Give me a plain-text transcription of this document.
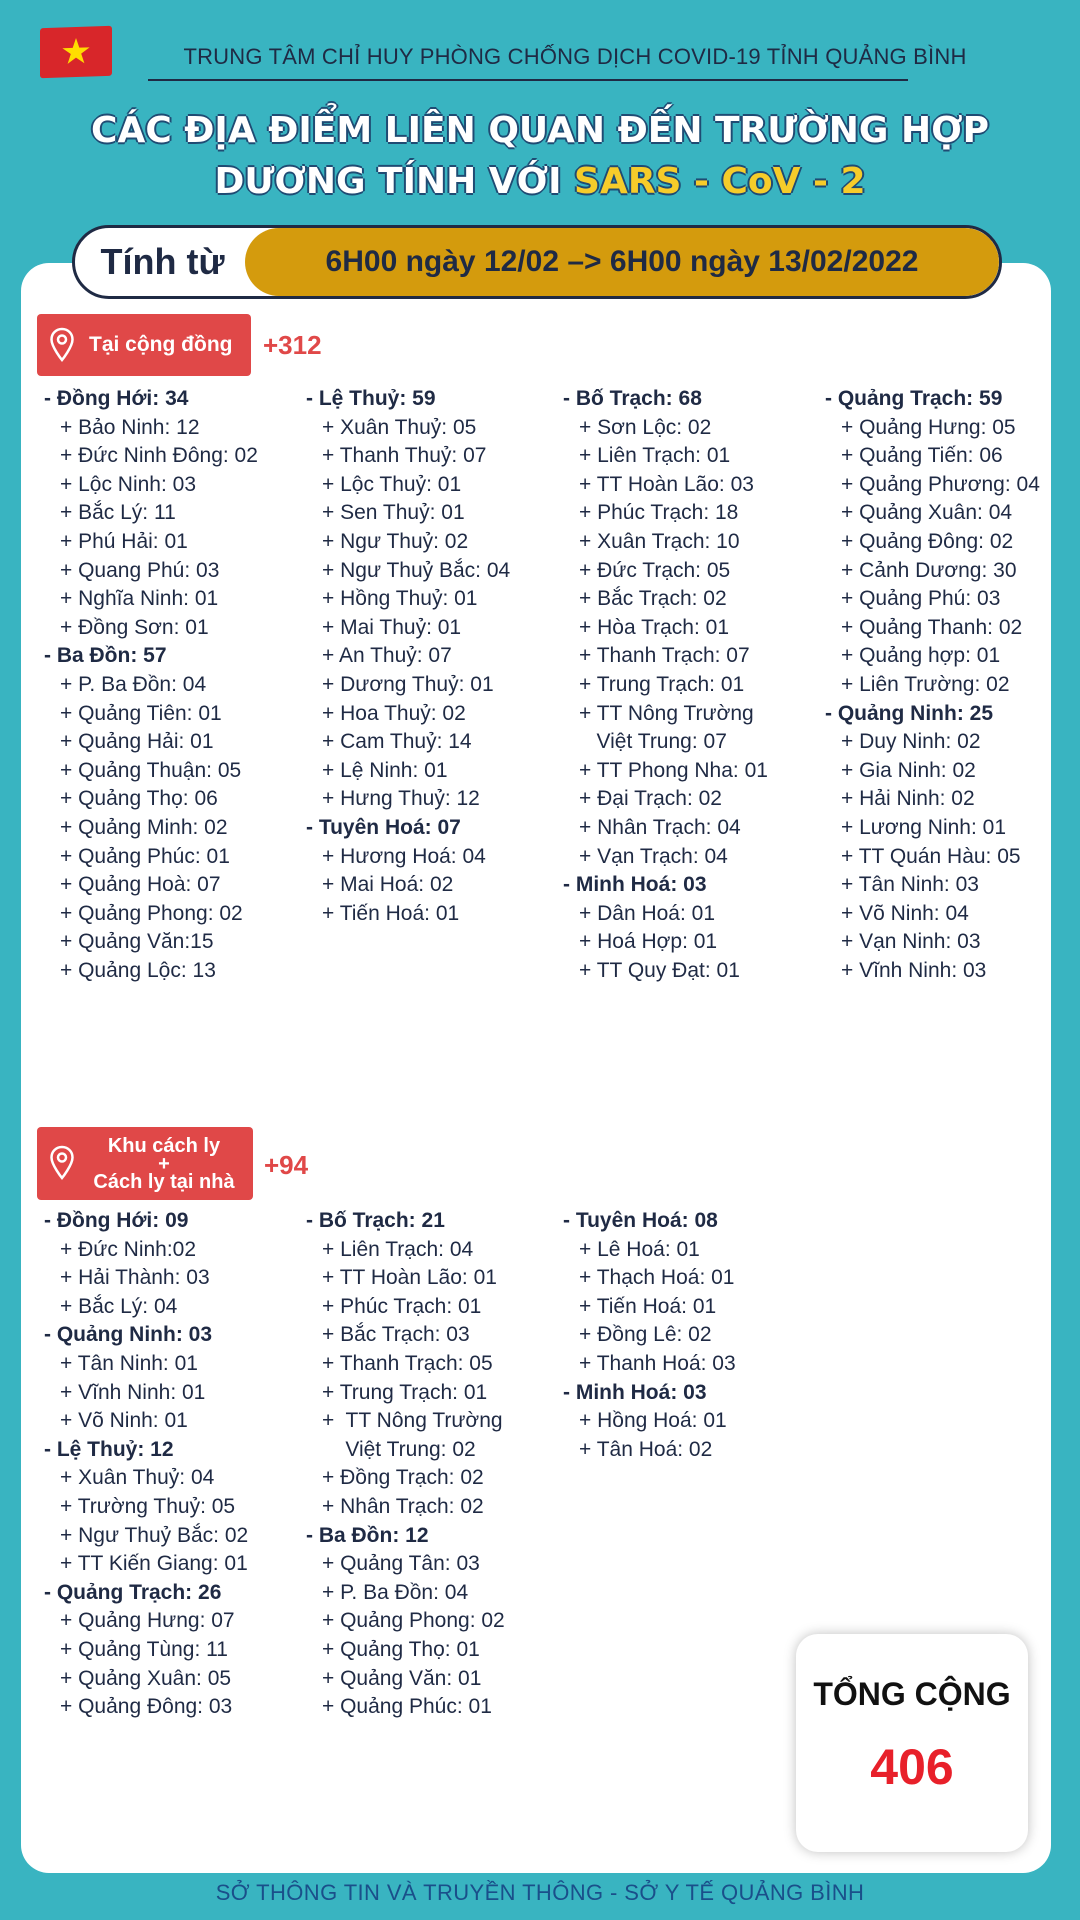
TRUNG TÂM CHỈ HUY PHÒNG CHỐNG DỊCH COVID-19 TỈNH QUẢNG BÌNH
CÁC ĐỊA ĐIỂM LIÊN QUAN ĐẾN TRƯỜNG HỢP
DƯƠNG TÍNH VỚI SARS - CoV - 2
Tính từ	6H00 ngày 12/02 –> 6H00 ngày 13/02/2022
Tại cộng đồng +312
- Đồng Hới: 34
+ Bảo Ninh: 12
+ Đức Ninh Đông: 02
+ Lộc Ninh: 03
+ Bắc Lý: 11
+ Phú Hải: 01
+ Quang Phú: 03
+ Nghĩa Ninh: 01
+ Đồng Sơn: 01
- Ba Đồn: 57
+ P. Ba Đồn: 04
+ Quảng Tiên: 01
+ Quảng Hải: 01
+ Quảng Thuận: 05
+ Quảng Thọ: 06
+ Quảng Minh: 02
+ Quảng Phúc: 01
+ Quảng Hoà: 07
+ Quảng Phong: 02
+ Quảng Văn:15
+ Quảng Lộc: 13
- Lệ Thuỷ: 59
+ Xuân Thuỷ: 05
+ Thanh Thuỷ: 07
+ Lộc Thuỷ: 01
+ Sen Thuỷ: 01
+ Ngư Thuỷ: 02
+ Ngư Thuỷ Bắc: 04
+ Hồng Thuỷ: 01
+ Mai Thuỷ: 01
+ An Thuỷ: 07
+ Dương Thuỷ: 01
+ Hoa Thuỷ: 02
+ Cam Thuỷ: 14
+ Lệ Ninh: 01
+ Hưng Thuỷ: 12
- Tuyên Hoá: 07
+ Hương Hoá: 04
+ Mai Hoá: 02
+ Tiến Hoá: 01
- Bố Trạch: 68
+ Sơn Lộc: 02
+ Liên Trạch: 01
+ TT Hoàn Lão: 03
+ Phúc Trạch: 18
+ Xuân Trạch: 10
+ Đức Trạch: 05
+ Bắc Trạch: 02
+ Hòa Trạch: 01
+ Thanh Trạch: 07
+ Trung Trạch: 01
+ TT Nông Trường
Việt Trung: 07
+ TT Phong Nha: 01
+ Đại Trạch: 02
+ Nhân Trạch: 04
+ Vạn Trạch: 04
- Minh Hoá: 03
+ Dân Hoá: 01
+ Hoá Hợp: 01
+ TT Quy Đạt: 01
- Quảng Trạch: 59
+ Quảng Hưng: 05
+ Quảng Tiến: 06
+ Quảng Phương: 04
+ Quảng Xuân: 04
+ Quảng Đông: 02
+ Cảnh Dương: 30
+ Quảng Phú: 03
+ Quảng Thanh: 02
+ Quảng hợp: 01
+ Liên Trường: 02
- Quảng Ninh: 25
+ Duy Ninh: 02
+ Gia Ninh: 02
+ Hải Ninh: 02
+ Lương Ninh: 01
+ TT Quán Hàu: 05
+ Tân Ninh: 03
+ Võ Ninh: 04
+ Vạn Ninh: 03
+ Vĩnh Ninh: 03
Khu cách ly
+
Cách ly tại nhà
+94
- Đồng Hới: 09
+ Đức Ninh:02
+ Hải Thành: 03
+ Bắc Lý: 04
- Quảng Ninh: 03
+ Tân Ninh: 01
+ Vĩnh Ninh: 01
+ Võ Ninh: 01
- Lệ Thuỷ: 12
+ Xuân Thuỷ: 04
+ Trường Thuỷ: 05
+ Ngư Thuỷ Bắc: 02
+ TT Kiến Giang: 01
- Quảng Trạch: 26
+ Quảng Hưng: 07
+ Quảng Tùng: 11
+ Quảng Xuân: 05
+ Quảng Đông: 03
- Bố Trạch: 21
+ Liên Trạch: 04
+ TT Hoàn Lão: 01
+ Phúc Trạch: 01
+ Bắc Trạch: 03
+ Thanh Trạch: 05
+ Trung Trạch: 01
+  TT Nông Trường
Việt Trung: 02
+ Đồng Trạch: 02
+ Nhân Trạch: 02
- Ba Đồn: 12
+ Quảng Tân: 03
+ P. Ba Đồn: 04
+ Quảng Phong: 02
+ Quảng Thọ: 01
+ Quảng Văn: 01
+ Quảng Phúc: 01
- Tuyên Hoá: 08
+ Lê Hoá: 01
+ Thạch Hoá: 01
+ Tiến Hoá: 01
+ Đồng Lê: 02
+ Thanh Hoá: 03
- Minh Hoá: 03
+ Hồng Hoá: 01
+ Tân Hoá: 02
TỔNG CỘNG
406
SỞ THÔNG TIN VÀ TRUYỀN THÔNG - SỞ Y TẾ QUẢNG BÌNH
